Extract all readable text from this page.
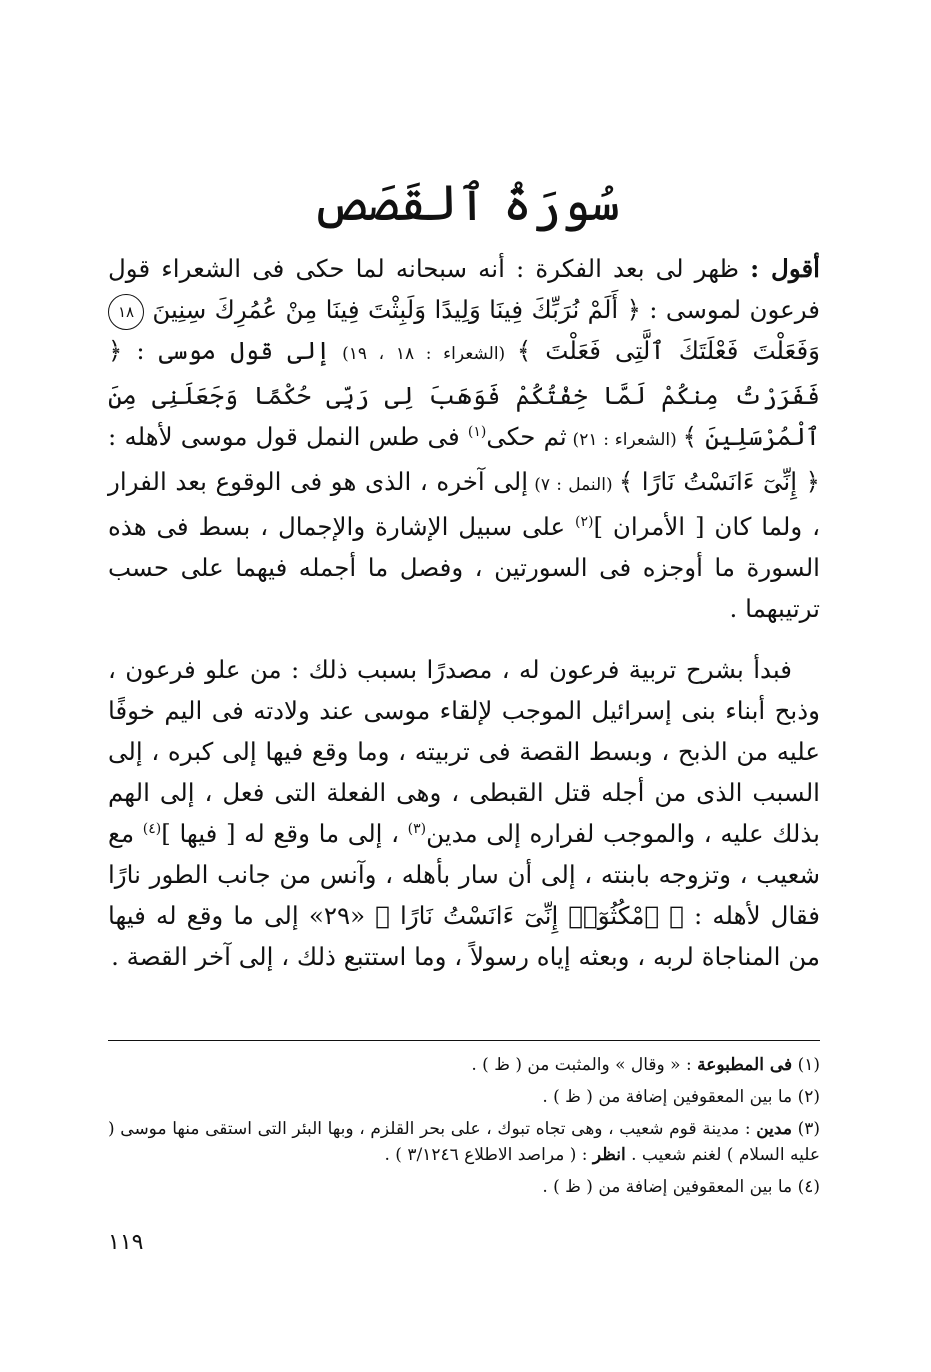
سُورَةُ ٱلقَصَص

أقول : ظهر لى بعد الفكرة : أنه سبحانه لما حكى فى الشعراء قول فرعون لموسى : ﴿ أَلَمْ نُرَبِّكَ فِينَا وَلِيدًا وَلَبِثْتَ فِينَا مِنْ عُمُرِكَ سِنِينَ ١٨ وَفَعَلْتَ فَعْلَتَكَ ٱلَّتِى فَعَلْتَ ﴾ (الشعراء : ١٨ ، ١٩) إلى قول موسى : ﴿ فَفَرَرْتُ مِنكُمْ لَمَّا خِفْتُكُمْ فَوَهَبَ لِى رَبِّى حُكْمًا وَجَعَلَنِى مِنَ ٱلْمُرْسَلِينَ ﴾ (الشعراء : ٢١) ثم حكى$^{(١)}$ فى طس النمل قول موسى لأهله : ﴿ إِنِّىٓ ءَانَسْتُ نَارًا ﴾ (النمل : ٧) إلى آخره ، الذى هو فى الوقوع بعد الفرار ، ولما كان [ الأمران ]$^{(٢)}$ على سبيل الإشارة والإجمال ، بسط فى هذه السورة ما أوجزه فى السورتين ، وفصل ما أجمله فيهما على حسب ترتيبهما .

فبدأ بشرح تربية فرعون له ، مصدرًا بسبب ذلك : من علو فرعون ، وذبح أبناء بنى إسرائيل الموجب لإلقاء موسى عند ولادته فى اليم خوفًا عليه من الذبح ، وبسط القصة فى تربيته ، وما وقع فيها إلى كبره ، إلى السبب الذى من أجله قتل القبطى ، وهى الفعلة التى فعل ، إلى الهم بذلك عليه ، والموجب لفراره إلى مدين$^{(٣)}$ ، إلى ما وقع له [ فيها ]$^{(٤)}$ مع شعيب ، وتزوجه بابنته ، إلى أن سار بأهله ، وآنس من جانب الطور نارًا فقال لأهله : ﴿ ٱمْكُثُوٓا۟ إِنِّىٓ ءَانَسْتُ نَارًا ﴾ «٢٩» إلى ما وقع له فيها من المناجاة لربه ، وبعثه إياه رسولاً ، وما استتبع ذلك ، إلى آخر القصة .

(١) فى المطبوعة : « وقال » والمثبت من ( ظ ) .

(٢) ما بين المعقوفين إضافة من ( ظ ) .

(٣) مدين : مدينة قوم شعيب ، وهى تجاه تبوك ، على بحر القلزم ، وبها البئر التى استقى منها موسى ( عليه السلام ) لغنم شعيب . انظر : ( مراصد الاطلاع ٣/١٢٤٦ ) .

(٤) ما بين المعقوفين إضافة من ( ظ ) .

١١٩
